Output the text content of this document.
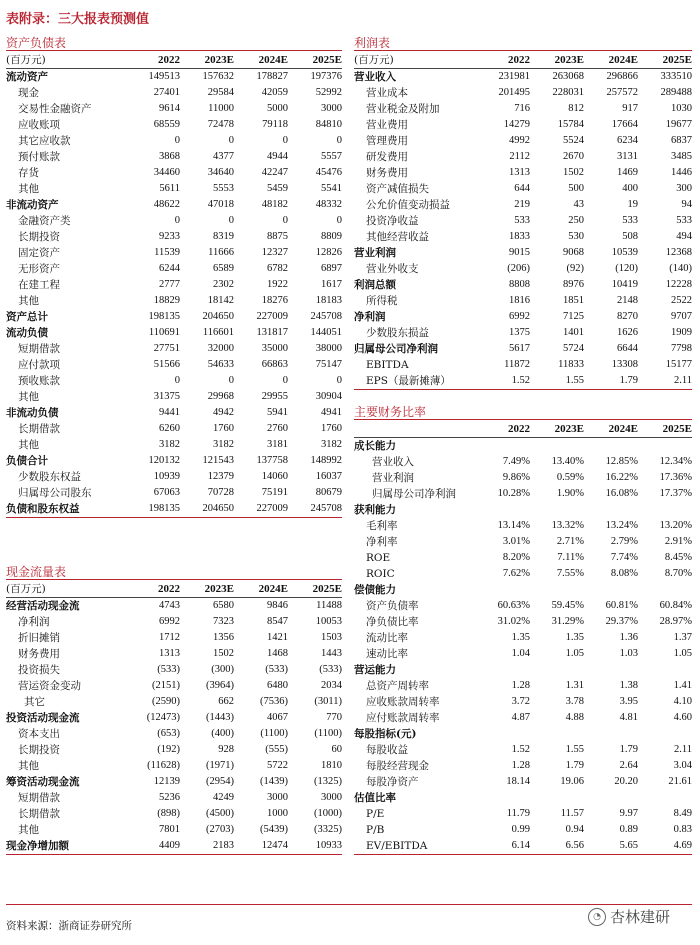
表附录：三大报表预测值
资产负债表
(百万元)	2022	2023E	2024E	2025E
流动资产	149513	157632	178827	197376
现金	27401	29584	42059	52992
交易性金融资产	9614	11000	5000	3000
应收账项	68559	72478	79118	84810
其它应收款	0	0	0	0
预付账款	3868	4377	4944	5557
存货	34460	34640	42247	45476
其他	5611	5553	5459	5541
非流动资产	48622	47018	48182	48332
金融资产类	0	0	0	0
长期投资	9233	8319	8875	8809
固定资产	11539	11666	12327	12826
无形资产	6244	6589	6782	6897
在建工程	2777	2302	1922	1617
其他	18829	18142	18276	18183
资产总计	198135	204650	227009	245708
流动负债	110691	116601	131817	144051
短期借款	27751	32000	35000	38000
应付款项	51566	54633	66863	75147
预收账款	0	0	0	0
其他	31375	29968	29955	30904
非流动负债	9441	4942	5941	4941
长期借款	6260	1760	2760	1760
其他	3182	3182	3181	3182
负债合计	120132	121543	137758	148992
少数股东权益	10939	12379	14060	16037
归属母公司股东	67063	70728	75191	80679
负债和股东权益	198135	204650	227009	245708
现金流量表
(百万元)	2022	2023E	2024E	2025E
经营活动现金流	4743	6580	9846	11488
净利润	6992	7323	8547	10053
折旧摊销	1712	1356	1421	1503
财务费用	1313	1502	1468	1443
投资损失	(533)	(300)	(533)	(533)
营运资金变动	(2151)	(3964)	6480	2034
其它	(2590)	662	(7536)	(3011)
投资活动现金流	(12473)	(1443)	4067	770
资本支出	(653)	(400)	(1100)	(1100)
长期投资	(192)	928	(555)	60
其他	(11628)	(1971)	5722	1810
筹资活动现金流	12139	(2954)	(1439)	(1325)
短期借款	5236	4249	3000	3000
长期借款	(898)	(4500)	1000	(1000)
其他	7801	(2703)	(5439)	(3325)
现金净增加额	4409	2183	12474	10933
利润表
(百万元)	2022	2023E	2024E	2025E
营业收入	231981	263068	296866	333510
营业成本	201495	228031	257572	289488
营业税金及附加	716	812	917	1030
营业费用	14279	15784	17664	19677
管理费用	4992	5524	6234	6837
研发费用	2112	2670	3131	3485
财务费用	1313	1502	1469	1446
资产减值损失	644	500	400	300
公允价值变动损益	219	43	19	94
投资净收益	533	250	533	533
其他经营收益	1833	530	508	494
营业利润	9015	9068	10539	12368
营业外收支	(206)	(92)	(120)	(140)
利润总额	8808	8976	10419	12228
所得税	1816	1851	2148	2522
净利润	6992	7125	8270	9707
少数股东损益	1375	1401	1626	1909
归属母公司净利润	5617	5724	6644	7798
EBITDA	11872	11833	13308	15177
EPS（最新摊薄）	1.52	1.55	1.79	2.11
主要财务比率
	2022	2023E	2024E	2025E
成长能力				
营业收入	7.49%	13.40%	12.85%	12.34%
营业利润	9.86%	0.59%	16.22%	17.36%
归属母公司净利润	10.28%	1.90%	16.08%	17.37%
获利能力				
毛利率	13.14%	13.32%	13.24%	13.20%
净利率	3.01%	2.71%	2.79%	2.91%
ROE	8.20%	7.11%	7.74%	8.45%
ROIC	7.62%	7.55%	8.08%	8.70%
偿债能力				
资产负债率	60.63%	59.45%	60.81%	60.84%
净负债比率	31.02%	31.29%	29.37%	28.97%
流动比率	1.35	1.35	1.36	1.37
速动比率	1.04	1.05	1.03	1.05
营运能力				
总资产周转率	1.28	1.31	1.38	1.41
应收账款周转率	3.72	3.78	3.95	4.10
应付账款周转率	4.87	4.88	4.81	4.60
每股指标(元)				
每股收益	1.52	1.55	1.79	2.11
每股经营现金	1.28	1.79	2.64	3.04
每股净资产	18.14	19.06	20.20	21.61
估值比率				
P/E	11.79	11.57	9.97	8.49
P/B	0.99	0.94	0.89	0.83
EV/EBITDA	6.14	6.56	5.65	4.69
资料来源：浙商证券研究所
◔ 杏林建研
